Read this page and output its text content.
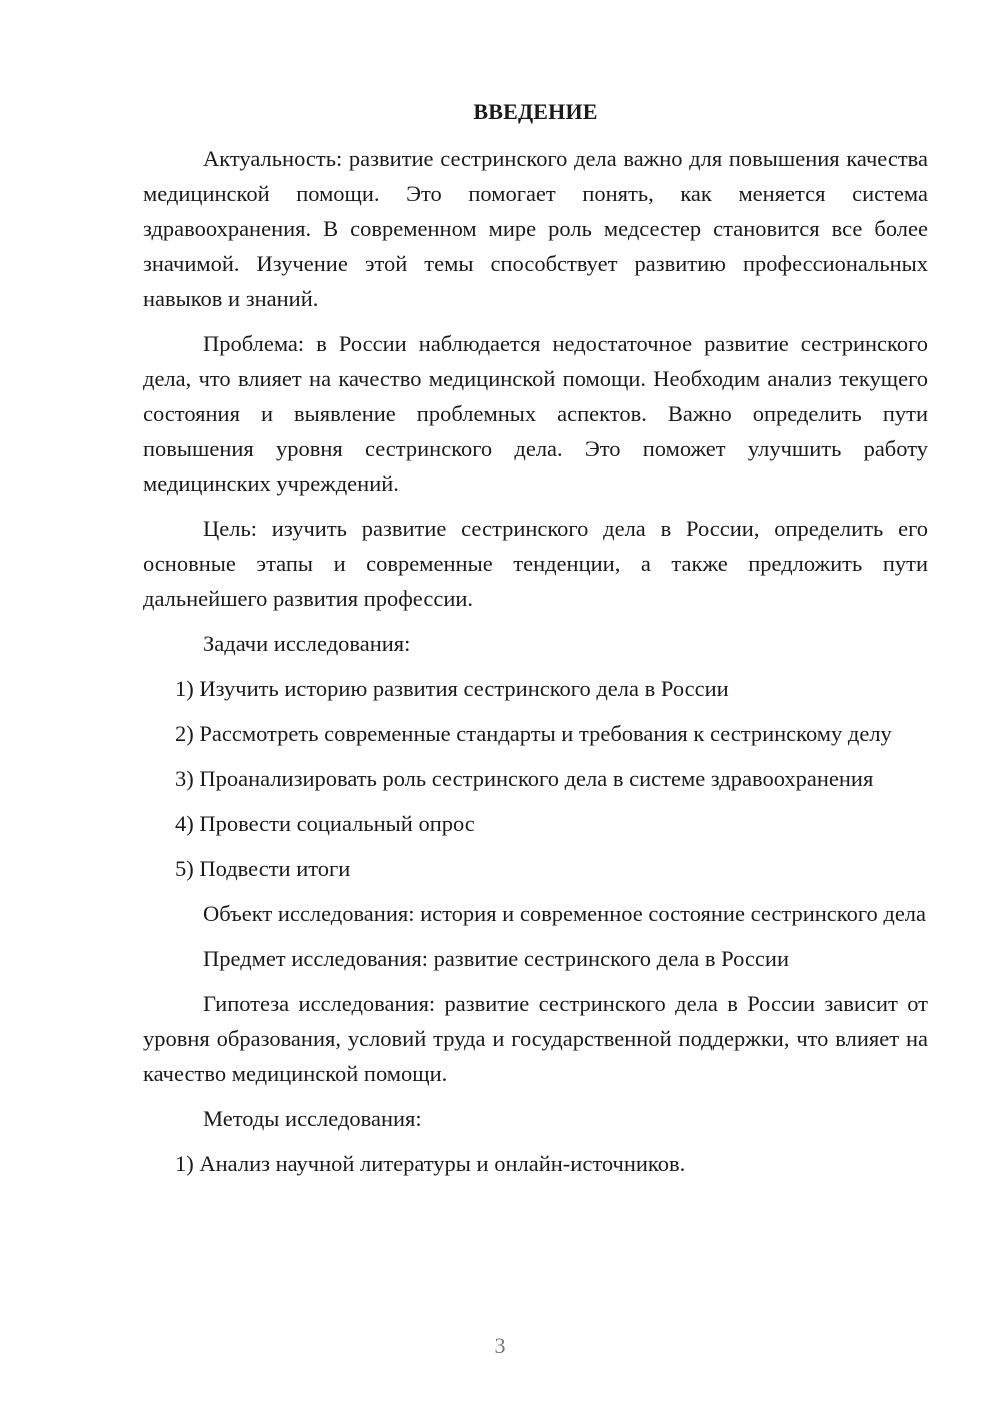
ВВЕДЕНИЕ

Актуальность: развитие сестринского дела важно для повышения качества медицинской помощи. Это помогает понять, как меняется система здравоохранения. В современном мире роль медсестер становится все более значимой. Изучение этой темы способствует развитию профессиональных навыков и знаний.

Проблема: в России наблюдается недостаточное развитие сестринского дела, что влияет на качество медицинской помощи. Необходим анализ текущего состояния и выявление проблемных аспектов. Важно определить пути повышения уровня сестринского дела. Это поможет улучшить работу медицинских учреждений.

Цель: изучить развитие сестринского дела в России, определить его основные этапы и современные тенденции, а также предложить пути дальнейшего развития профессии.

Задачи исследования:

1) Изучить историю развития сестринского дела в России

2) Рассмотреть современные стандарты и требования к сестринскому делу

3) Проанализировать роль сестринского дела в системе здравоохранения

4) Провести социальный опрос

5) Подвести итоги

Объект исследования: история и современное состояние сестринского дела

Предмет исследования: развитие сестринского дела в России

Гипотеза исследования: развитие сестринского дела в России зависит от уровня образования, условий труда и государственной поддержки, что влияет на качество медицинской помощи.

Методы исследования:

1) Анализ научной литературы и онлайн-источников.

3
